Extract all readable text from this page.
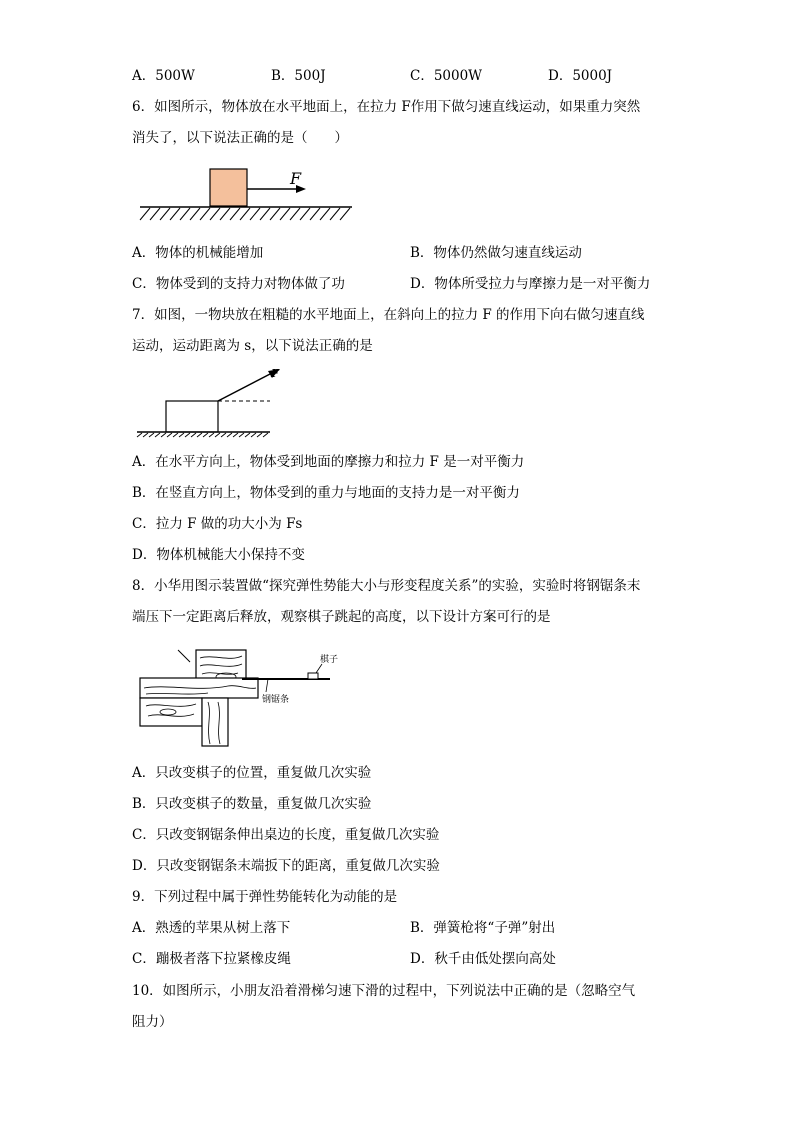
A．500W	B．500J	C．5000W	D．5000J
6．如图所示，物体放在水平地面上，在拉力 F作用下做匀速直线运动，如果重力突然
消失了，以下说法正确的是（　　）
F
A．物体的机械能增加	B．物体仍然做匀速直线运动
C．物体受到的支持力对物体做了功	D．物体所受拉力与摩擦力是一对平衡力
7．如图，一物块放在粗糙的水平地面上，在斜向上的拉力 F 的作用下向右做匀速直线
运动，运动距离为 s，以下说法正确的是
F
A．在水平方向上，物体受到地面的摩擦力和拉力 F 是一对平衡力
B．在竖直方向上，物体受到的重力与地面的支持力是一对平衡力
C．拉力 F 做的功大小为 Fs
D．物体机械能大小保持不变
8．小华用图示装置做“探究弹性势能大小与形变程度关系”的实验，实验时将钢锯条末
端压下一定距离后释放，观察棋子跳起的高度，以下设计方案可行的是
棋子
钢锯条
A．只改变棋子的位置，重复做几次实验
B．只改变棋子的数量，重复做几次实验
C．只改变钢锯条伸出桌边的长度，重复做几次实验
D．只改变钢锯条末端扳下的距离，重复做几次实验
9．下列过程中属于弹性势能转化为动能的是
A．熟透的苹果从树上落下	B．弹簧枪将“子弹”射出
C．蹦极者落下拉紧橡皮绳	D．秋千由低处摆向高处
10．如图所示，小朋友沿着滑梯匀速下滑的过程中，下列说法中正确的是（忽略空气
阻力）
